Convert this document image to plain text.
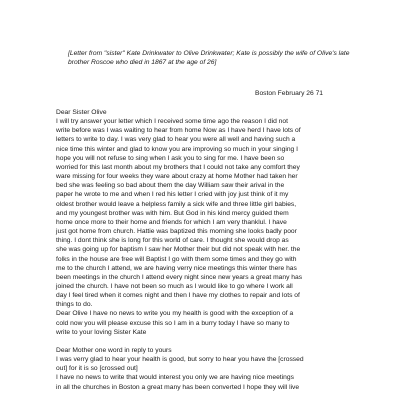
[Letter from "sister" Kate Drinkwater to Olive Drinkwater; Kate is possibly the wife of Olive's late brother Roscoe who died in 1867 at the age of 26]

Boston February 26 71

Dear Sister Olive
I will try answer your letter which I received some time ago the reason I did not
write before was I was waiting to hear from home Now as I have herd I have lots of
letters to write to day. I was very glad to hear you were all well and having such a
nice time this winter and glad to know you are improving so much in your singing I
hope you will not refuse to sing when I ask you to sing for me. I have been so
worried for this last month about my brothers that I could not take any comfort they
ware missing for four weeks they ware about crazy at home Mother had taken her
bed she was feeling so bad about them the day William saw their arival in the
paper he wrote to me and when I red his letter I cried with joy just think of it my
oldest brother would leave a helpless family a sick wife and three little girl babies,
and my youngest brother was with him. But God in his kind mercy guided them
home once more to their home and friends for which I am very thanklul. I have
just got home from church. Hattie was baptized this morning she looks badly poor
thing. I dont think she is long for this world of care. I thought she would drop as
she was going up for baptism I saw her Mother their but did not speak with her. the
folks in the house are free will Baptist I go with them some times and they go with
me to the church I attend, we are having verry nice meetings this winter there has
been meetings in the church I attend every night since new years a great many has
joined the church. I have not been so much as I would like to go where I work all
day I feel tired when it comes night and then I have my clothes to repair and lots of
things to do.
Dear Olive I have no news to write you my health is good with the exception of a
cold now you will please excuse this so I am in a burry today I have so many to
write to your loving Sister Kate
Dear Mother one word in reply to yours
I was verry glad to hear your health is good, but sorry to hear you have the [crossed
out] for it is so [crossed out]
I have no news to write that would interest you only we are having nice meetings
in all the churches in Boston a great many has been converted I hope they will live
